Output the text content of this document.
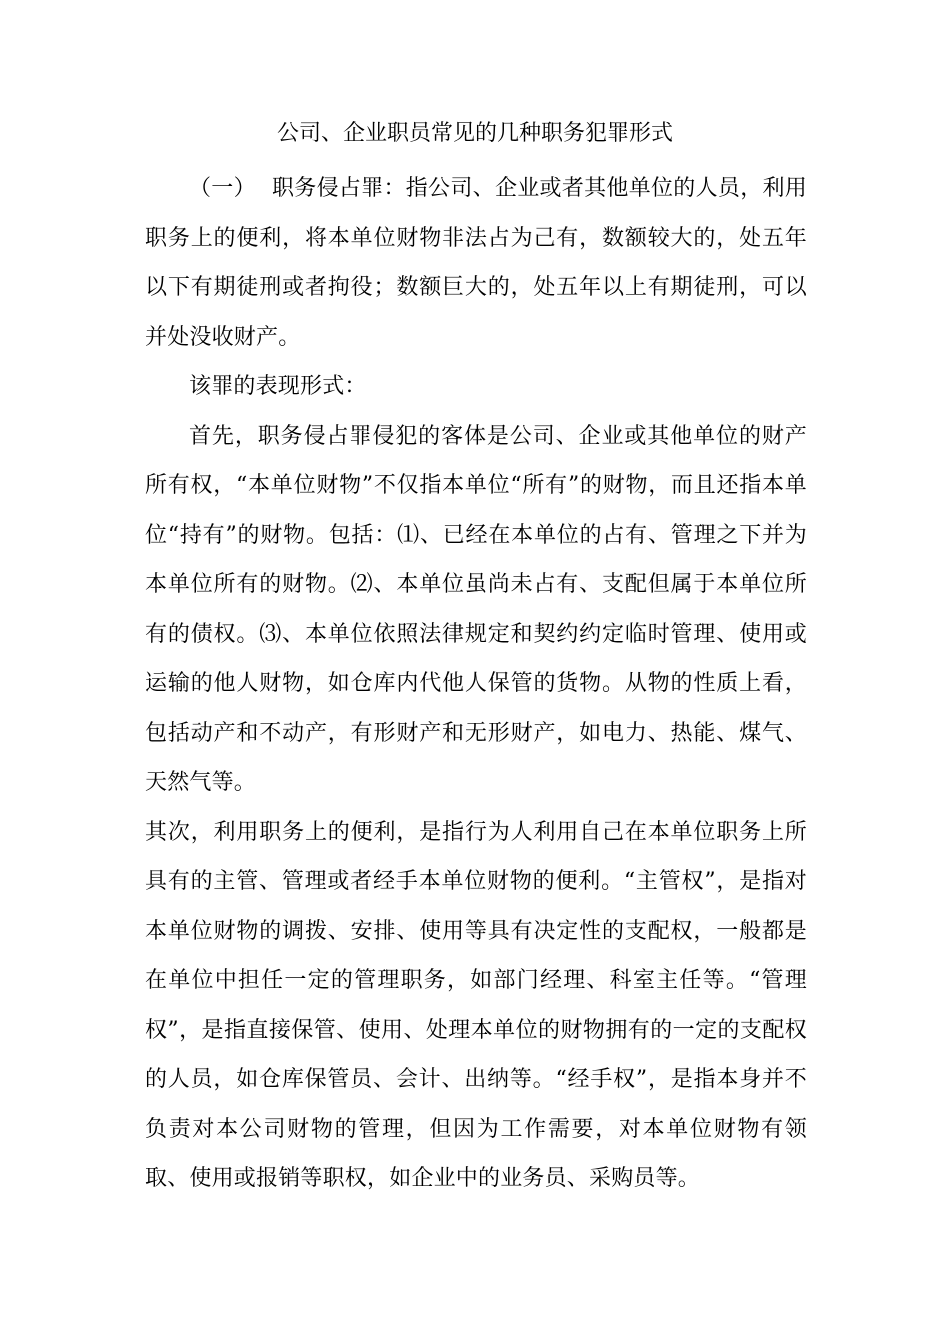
公司、企业职员常见的几种职务犯罪形式

（一） 职务侵占罪：指公司、企业或者其他单位的人员，利用职务上的便利，将本单位财物非法占为己有，数额较大的，处五年以下有期徒刑或者拘役；数额巨大的，处五年以上有期徒刑，可以并处没收财产。

该罪的表现形式：

首先，职务侵占罪侵犯的客体是公司、企业或其他单位的财产所有权，“本单位财物”不仅指本单位“所有”的财物，而且还指本单位“持有”的财物。包括：⑴、已经在本单位的占有、管理之下并为本单位所有的财物。⑵、本单位虽尚未占有、支配但属于本单位所有的债权。⑶、本单位依照法律规定和契约约定临时管理、使用或运输的他人财物，如仓库内代他人保管的货物。从物的性质上看，包括动产和不动产，有形财产和无形财产，如电力、热能、煤气、天然气等。

其次，利用职务上的便利，是指行为人利用自己在本单位职务上所具有的主管、管理或者经手本单位财物的便利。“主管权”，是指对本单位财物的调拨、安排、使用等具有决定性的支配权，一般都是在单位中担任一定的管理职务，如部门经理、科室主任等。“管理权”，是指直接保管、使用、处理本单位的财物拥有的一定的支配权的人员，如仓库保管员、会计、出纳等。“经手权”，是指本身并不负责对本公司财物的管理，但因为工作需要，对本单位财物有领取、使用或报销等职权，如企业中的业务员、采购员等。
